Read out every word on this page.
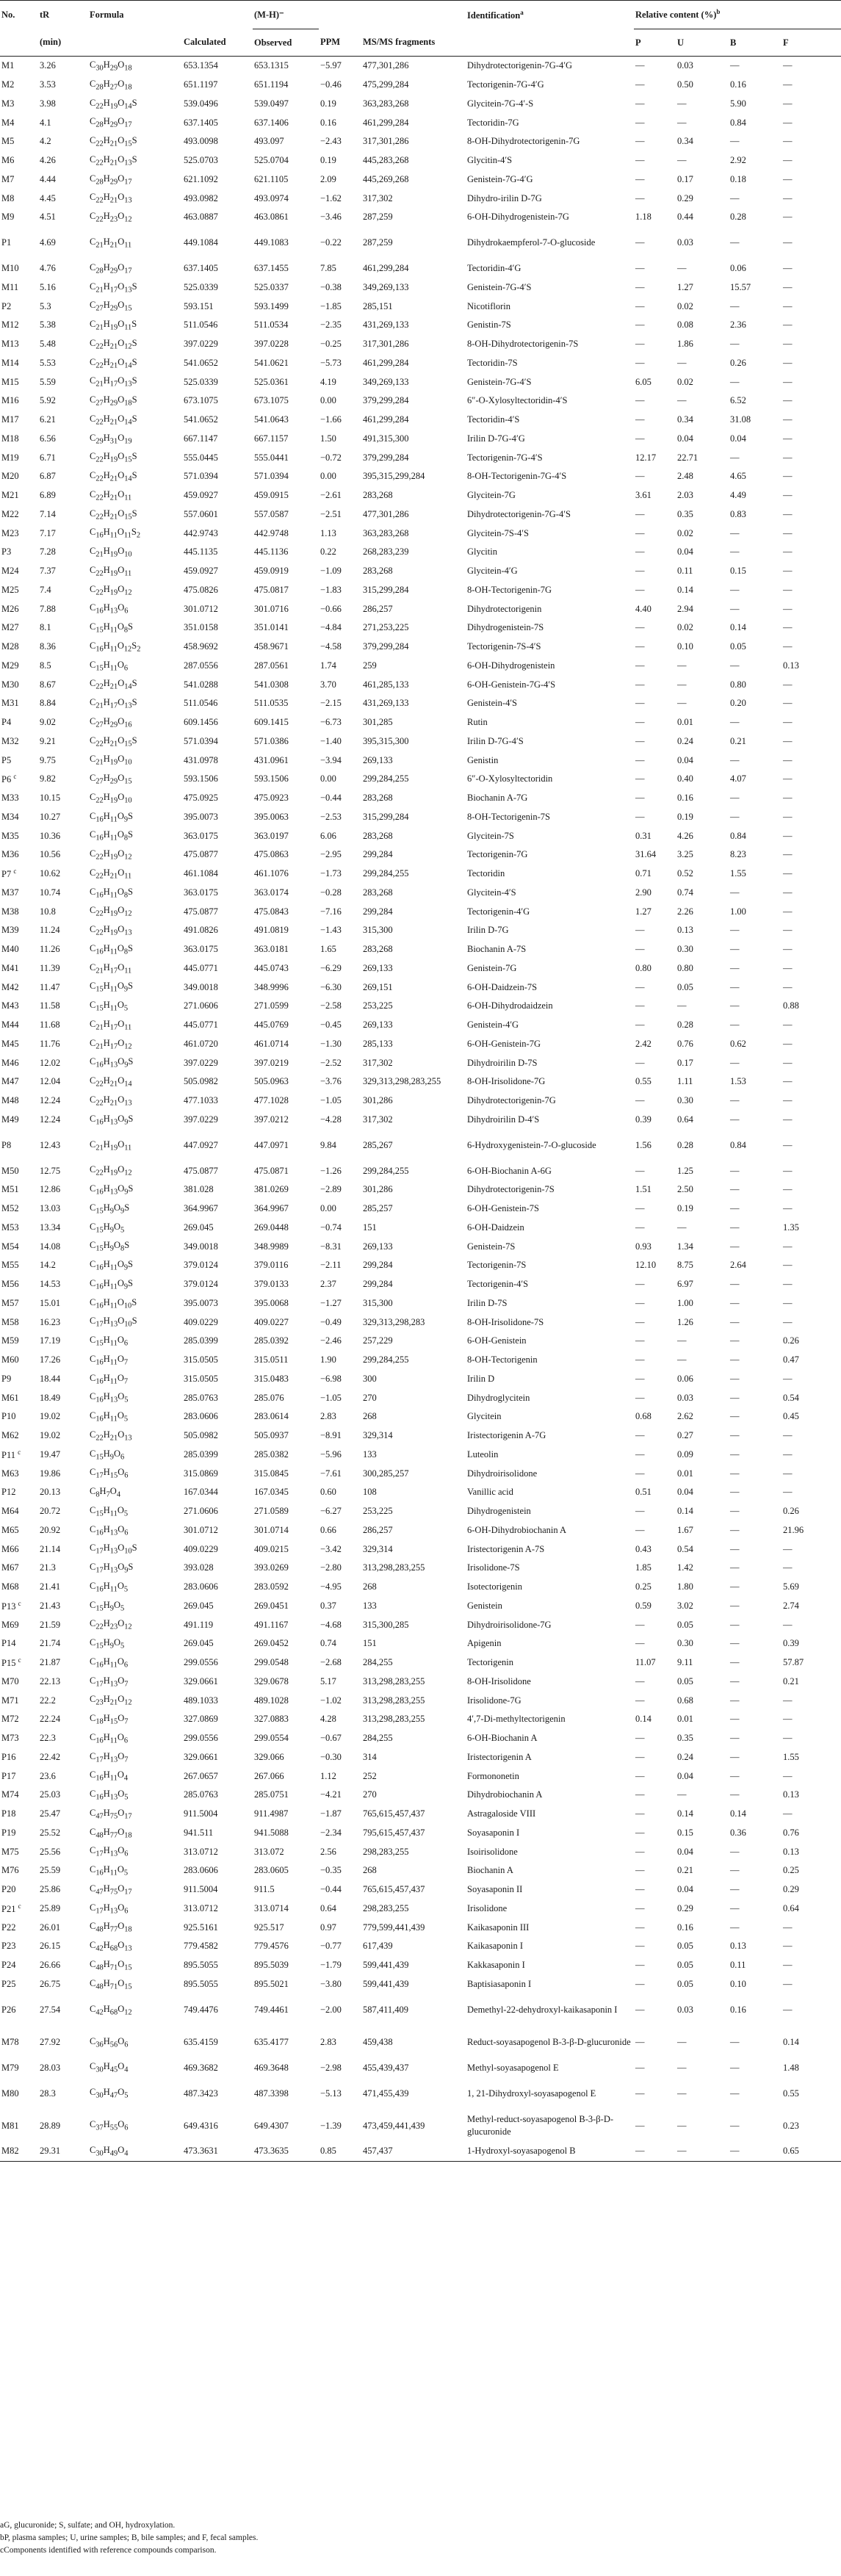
No.	tR	Formula		(M-H)⁻			Identification$^a$	Relative content (%)$^b$
	(min)		Calculated	Observed	PPM	MS/MS fragments		P	U	B	F
M1	3.26	$C_{30}H_{29}O_{18}$	653.1354	653.1315	−5.97	477,301,286	Dihydrotectorigenin-7G-4′G	—	0.03	—	—
M2	3.53	$C_{28}H_{27}O_{18}$	651.1197	651.1194	−0.46	475,299,284	Tectorigenin-7G-4′G	—	0.50	0.16	—
M3	3.98	$C_{22}H_{19}O_{14}S$	539.0496	539.0497	0.19	363,283,268	Glycitein-7G-4′-S	—	—	5.90	—
M4	4.1	$C_{28}H_{29}O_{17}$	637.1405	637.1406	0.16	461,299,284	Tectoridin-7G	—	—	0.84	—
M5	4.2	$C_{22}H_{21}O_{15}S$	493.0098	493.097	−2.43	317,301,286	8-OH-Dihydrotectorigenin-7G	—	0.34	—	—
M6	4.26	$C_{22}H_{21}O_{13}S$	525.0703	525.0704	0.19	445,283,268	Glycitin-4′S	—	—	2.92	—
M7	4.44	$C_{28}H_{29}O_{17}$	621.1092	621.1105	2.09	445,269,268	Genistein-7G-4′G	—	0.17	0.18	—
M8	4.45	$C_{22}H_{21}O_{13}$	493.0982	493.0974	−1.62	317,302	Dihydro-irilin D-7G	—	0.29	—	—
M9	4.51	$C_{22}H_{23}O_{12}$	463.0887	463.0861	−3.46	287,259	6-OH-Dihydrogenistein-7G	1.18	0.44	0.28	—
P1	4.69	$C_{21}H_{21}O_{11}$	449.1084	449.1083	−0.22	287,259	Dihydrokaempferol-7-O-glucoside	—	0.03	—	—
M10	4.76	$C_{28}H_{29}O_{17}$	637.1405	637.1455	7.85	461,299,284	Tectoridin-4′G	—	—	0.06	—
M11	5.16	$C_{21}H_{17}O_{13}S$	525.0339	525.0337	−0.38	349,269,133	Genistein-7G-4′S	—	1.27	15.57	—
P2	5.3	$C_{27}H_{29}O_{15}$	593.151	593.1499	−1.85	285,151	Nicotiflorin	—	0.02	—	—
M12	5.38	$C_{21}H_{19}O_{11}S$	511.0546	511.0534	−2.35	431,269,133	Genistin-7S	—	0.08	2.36	—
M13	5.48	$C_{22}H_{21}O_{12}S$	397.0229	397.0228	−0.25	317,301,286	8-OH-Dihydrotectorigenin-7S	—	1.86	—	—
M14	5.53	$C_{22}H_{21}O_{14}S$	541.0652	541.0621	−5.73	461,299,284	Tectoridin-7S	—	—	0.26	—
M15	5.59	$C_{21}H_{17}O_{13}S$	525.0339	525.0361	4.19	349,269,133	Genistein-7G-4′S	6.05	0.02	—	—
M16	5.92	$C_{27}H_{29}O_{18}S$	673.1075	673.1075	0.00	379,299,284	6″-O-Xylosyltectoridin-4′S	—	—	6.52	—
M17	6.21	$C_{22}H_{21}O_{14}S$	541.0652	541.0643	−1.66	461,299,284	Tectoridin-4′S	—	0.34	31.08	—
M18	6.56	$C_{29}H_{31}O_{19}$	667.1147	667.1157	1.50	491,315,300	Irilin D-7G-4′G	—	0.04	0.04	—
M19	6.71	$C_{22}H_{19}O_{15}S$	555.0445	555.0441	−0.72	379,299,284	Tectorigenin-7G-4′S	12.17	22.71	—	—
M20	6.87	$C_{22}H_{21}O_{14}S$	571.0394	571.0394	0.00	395,315,299,284	8-OH-Tectorigenin-7G-4′S	—	2.48	4.65	—
M21	6.89	$C_{22}H_{21}O_{11}$	459.0927	459.0915	−2.61	283,268	Glycitein-7G	3.61	2.03	4.49	—
M22	7.14	$C_{22}H_{21}O_{15}S$	557.0601	557.0587	−2.51	477,301,286	Dihydrotectorigenin-7G-4′S	—	0.35	0.83	—
M23	7.17	$C_{16}H_{11}O_{11}S_2$	442.9743	442.9748	1.13	363,283,268	Glycitein-7S-4′S	—	0.02	—	—
P3	7.28	$C_{21}H_{19}O_{10}$	445.1135	445.1136	0.22	268,283,239	Glycitin	—	0.04	—	—
M24	7.37	$C_{22}H_{19}O_{11}$	459.0927	459.0919	−1.09	283,268	Glycitein-4′G	—	0.11	0.15	—
M25	7.4	$C_{22}H_{19}O_{12}$	475.0826	475.0817	−1.83	315,299,284	8-OH-Tectorigenin-7G	—	0.14	—	—
M26	7.88	$C_{16}H_{13}O_6$	301.0712	301.0716	−0.66	286,257	Dihydrotectorigenin	4.40	2.94	—	—
M27	8.1	$C_{15}H_{11}O_8S$	351.0158	351.0141	−4.84	271,253,225	Dihydrogenistein-7S	—	0.02	0.14	—
M28	8.36	$C_{16}H_{11}O_{12}S_2$	458.9692	458.9671	−4.58	379,299,284	Tectorigenin-7S-4′S	—	0.10	0.05	—
M29	8.5	$C_{15}H_{11}O_6$	287.0556	287.0561	1.74	259	6-OH-Dihydrogenistein	—	—	—	0.13
M30	8.67	$C_{22}H_{21}O_{14}S$	541.0288	541.0308	3.70	461,285,133	6-OH-Genistein-7G-4′S	—	—	0.80	—
M31	8.84	$C_{21}H_{17}O_{13}S$	511.0546	511.0535	−2.15	431,269,133	Genistein-4′S	—	—	0.20	—
P4	9.02	$C_{27}H_{29}O_{16}$	609.1456	609.1415	−6.73	301,285	Rutin	—	0.01	—	—
M32	9.21	$C_{22}H_{21}O_{15}S$	571.0394	571.0386	−1.40	395,315,300	Irilin D-7G-4′S	—	0.24	0.21	—
P5	9.75	$C_{21}H_{19}O_{10}$	431.0978	431.0961	−3.94	269,133	Genistin	—	0.04	—	—
P6 $^c$	9.82	$C_{27}H_{29}O_{15}$	593.1506	593.1506	0.00	299,284,255	6″-O-Xylosyltectoridin	—	0.40	4.07	—
M33	10.15	$C_{22}H_{19}O_{10}$	475.0925	475.0923	−0.44	283,268	Biochanin A-7G	—	0.16	—	—
M34	10.27	$C_{16}H_{11}O_9S$	395.0073	395.0063	−2.53	315,299,284	8-OH-Tectorigenin-7S	—	0.19	—	—
M35	10.36	$C_{16}H_{11}O_8S$	363.0175	363.0197	6.06	283,268	Glycitein-7S	0.31	4.26	0.84	—
M36	10.56	$C_{22}H_{19}O_{12}$	475.0877	475.0863	−2.95	299,284	Tectorigenin-7G	31.64	3.25	8.23	—
P7 $^c$	10.62	$C_{22}H_{21}O_{11}$	461.1084	461.1076	−1.73	299,284,255	Tectoridin	0.71	0.52	1.55	—
M37	10.74	$C_{16}H_{11}O_8S$	363.0175	363.0174	−0.28	283,268	Glycitein-4′S	2.90	0.74	—	—
M38	10.8	$C_{22}H_{19}O_{12}$	475.0877	475.0843	−7.16	299,284	Tectorigenin-4′G	1.27	2.26	1.00	—
M39	11.24	$C_{22}H_{19}O_{13}$	491.0826	491.0819	−1.43	315,300	Irilin D-7G	—	0.13	—	—
M40	11.26	$C_{16}H_{11}O_8S$	363.0175	363.0181	1.65	283,268	Biochanin A-7S	—	0.30	—	—
M41	11.39	$C_{21}H_{17}O_{11}$	445.0771	445.0743	−6.29	269,133	Genistein-7G	0.80	0.80	—	—
M42	11.47	$C_{15}H_{11}O_9S$	349.0018	348.9996	−6.30	269,151	6-OH-Daidzein-7S	—	0.05	—	—
M43	11.58	$C_{15}H_{11}O_5$	271.0606	271.0599	−2.58	253,225	6-OH-Dihydrodaidzein	—	—	—	0.88
M44	11.68	$C_{21}H_{17}O_{11}$	445.0771	445.0769	−0.45	269,133	Genistein-4′G	—	0.28	—	—
M45	11.76	$C_{21}H_{17}O_{12}$	461.0720	461.0714	−1.30	285,133	6-OH-Genistein-7G	2.42	0.76	0.62	—
M46	12.02	$C_{16}H_{13}O_9S$	397.0229	397.0219	−2.52	317,302	Dihydroirilin D-7S	—	0.17	—	—
M47	12.04	$C_{22}H_{21}O_{14}$	505.0982	505.0963	−3.76	329,313,298,283,255	8-OH-Irisolidone-7G	0.55	1.11	1.53	—
M48	12.24	$C_{22}H_{21}O_{13}$	477.1033	477.1028	−1.05	301,286	Dihydrotectorigenin-7G	—	0.30	—	—
M49	12.24	$C_{16}H_{13}O_9S$	397.0229	397.0212	−4.28	317,302	Dihydroirilin D-4′S	0.39	0.64	—	—
P8	12.43	$C_{21}H_{19}O_{11}$	447.0927	447.0971	9.84	285,267	6-Hydroxygenistein-7-O-glucoside	1.56	0.28	0.84	—
M50	12.75	$C_{22}H_{19}O_{12}$	475.0877	475.0871	−1.26	299,284,255	6-OH-Biochanin A-6G	—	1.25	—	—
M51	12.86	$C_{16}H_{13}O_9S$	381.028	381.0269	−2.89	301,286	Dihydrotectorigenin-7S	1.51	2.50	—	—
M52	13.03	$C_{15}H_9O_9S$	364.9967	364.9967	0.00	285,257	6-OH-Genistein-7S	—	0.19	—	—
M53	13.34	$C_{15}H_9O_5$	269.045	269.0448	−0.74	151	6-OH-Daidzein	—	—	—	1.35
M54	14.08	$C_{15}H_9O_8S$	349.0018	348.9989	−8.31	269,133	Genistein-7S	0.93	1.34	—	—
M55	14.2	$C_{16}H_{11}O_9S$	379.0124	379.0116	−2.11	299,284	Tectorigenin-7S	12.10	8.75	2.64	—
M56	14.53	$C_{16}H_{11}O_9S$	379.0124	379.0133	2.37	299,284	Tectorigenin-4′S	—	6.97	—	—
M57	15.01	$C_{16}H_{11}O_{10}S$	395.0073	395.0068	−1.27	315,300	Irilin D-7S	—	1.00	—	—
M58	16.23	$C_{17}H_{13}O_{10}S$	409.0229	409.0227	−0.49	329,313,298,283	8-OH-Irisolidone-7S	—	1.26	—	—
M59	17.19	$C_{15}H_{11}O_6$	285.0399	285.0392	−2.46	257,229	6-OH-Genistein	—	—	—	0.26
M60	17.26	$C_{16}H_{11}O_7$	315.0505	315.0511	1.90	299,284,255	8-OH-Tectorigenin	—	—	—	0.47
P9	18.44	$C_{16}H_{11}O_7$	315.0505	315.0483	−6.98	300	Irilin D	—	0.06	—	—
M61	18.49	$C_{16}H_{13}O_5$	285.0763	285.076	−1.05	270	Dihydroglycitein	—	0.03	—	0.54
P10	19.02	$C_{16}H_{11}O_5$	283.0606	283.0614	2.83	268	Glycitein	0.68	2.62	—	0.45
M62	19.02	$C_{22}H_{21}O_{13}$	505.0982	505.0937	−8.91	329,314	Iristectorigenin A-7G	—	0.27	—	—
P11 $^c$	19.47	$C_{15}H_9O_6$	285.0399	285.0382	−5.96	133	Luteolin	—	0.09	—	—
M63	19.86	$C_{17}H_{15}O_6$	315.0869	315.0845	−7.61	300,285,257	Dihydroirisolidone	—	0.01	—	—
P12	20.13	$C_8H_7O_4$	167.0344	167.0345	0.60	108	Vanillic acid	0.51	0.04	—	—
M64	20.72	$C_{15}H_{11}O_5$	271.0606	271.0589	−6.27	253,225	Dihydrogenistein	—	0.14	—	0.26
M65	20.92	$C_{16}H_{13}O_6$	301.0712	301.0714	0.66	286,257	6-OH-Dihydrobiochanin A	—	1.67	—	21.96
M66	21.14	$C_{17}H_{13}O_{10}S$	409.0229	409.0215	−3.42	329,314	Iristectorigenin A-7S	0.43	0.54	—	—
M67	21.3	$C_{17}H_{13}O_9S$	393.028	393.0269	−2.80	313,298,283,255	Irisolidone-7S	1.85	1.42	—	—
M68	21.41	$C_{16}H_{11}O_5$	283.0606	283.0592	−4.95	268	Isotectorigenin	0.25	1.80	—	5.69
P13 $^c$	21.43	$C_{15}H_9O_5$	269.045	269.0451	0.37	133	Genistein	0.59	3.02	—	2.74
M69	21.59	$C_{22}H_{23}O_{12}$	491.119	491.1167	−4.68	315,300,285	Dihydroirisolidone-7G	—	0.05	—	—
P14	21.74	$C_{15}H_9O_5$	269.045	269.0452	0.74	151	Apigenin	—	0.30	—	0.39
P15 $^c$	21.87	$C_{16}H_{11}O_6$	299.0556	299.0548	−2.68	284,255	Tectorigenin	11.07	9.11	—	57.87
M70	22.13	$C_{17}H_{13}O_7$	329.0661	329.0678	5.17	313,298,283,255	8-OH-Irisolidone	—	0.05	—	0.21
M71	22.2	$C_{23}H_{21}O_{12}$	489.1033	489.1028	−1.02	313,298,283,255	Irisolidone-7G	—	0.68	—	—
M72	22.24	$C_{18}H_{15}O_7$	327.0869	327.0883	4.28	313,298,283,255	4′,7-Di-methyltectorigenin	0.14	0.01	—	—
M73	22.3	$C_{16}H_{11}O_6$	299.0556	299.0554	−0.67	284,255	6-OH-Biochanin A	—	0.35	—	—
P16	22.42	$C_{17}H_{13}O_7$	329.0661	329.066	−0.30	314	Iristectorigenin A	—	0.24	—	1.55
P17	23.6	$C_{16}H_{11}O_4$	267.0657	267.066	1.12	252	Formononetin	—	0.04	—	—
M74	25.03	$C_{16}H_{13}O_5$	285.0763	285.0751	−4.21	270	Dihydrobiochanin A	—	—	—	0.13
P18	25.47	$C_{47}H_{75}O_{17}$	911.5004	911.4987	−1.87	765,615,457,437	Astragaloside VIII	—	0.14	0.14	—
P19	25.52	$C_{48}H_{77}O_{18}$	941.511	941.5088	−2.34	795,615,457,437	Soyasaponin I	—	0.15	0.36	0.76
M75	25.56	$C_{17}H_{13}O_6$	313.0712	313.072	2.56	298,283,255	Isoirisolidone	—	0.04	—	0.13
M76	25.59	$C_{16}H_{11}O_5$	283.0606	283.0605	−0.35	268	Biochanin A	—	0.21	—	0.25
P20	25.86	$C_{47}H_{75}O_{17}$	911.5004	911.5	−0.44	765,615,457,437	Soyasaponin II	—	0.04	—	0.29
P21 $^c$	25.89	$C_{17}H_{13}O_6$	313.0712	313.0714	0.64	298,283,255	Irisolidone	—	0.29	—	0.64
P22	26.01	$C_{48}H_{77}O_{18}$	925.5161	925.517	0.97	779,599,441,439	Kaikasaponin III	—	0.16	—	—
P23	26.15	$C_{42}H_{68}O_{13}$	779.4582	779.4576	−0.77	617,439	Kaikasaponin I	—	0.05	0.13	—
P24	26.66	$C_{48}H_{71}O_{15}$	895.5055	895.5039	−1.79	599,441,439	Kakkasaponin I	—	0.05	0.11	—
P25	26.75	$C_{48}H_{71}O_{15}$	895.5055	895.5021	−3.80	599,441,439	Baptisiasaponin I	—	0.05	0.10	—
P26	27.54	$C_{42}H_{68}O_{12}$	749.4476	749.4461	−2.00	587,411,409	Demethyl-22-dehydroxyl-kaikasaponin I	—	0.03	0.16	—
M78	27.92	$C_{36}H_{56}O_6$	635.4159	635.4177	2.83	459,438	Reduct-soyasapogenol B-3-β-D-glucuronide	—	—	—	0.14
M79	28.03	$C_{30}H_{45}O_4$	469.3682	469.3648	−2.98	455,439,437	Methyl-soyasapogenol E	—	—	—	1.48
M80	28.3	$C_{30}H_{47}O_5$	487.3423	487.3398	−5.13	471,455,439	1, 21-Dihydroxyl-soyasapogenol E	—	—	—	0.55
M81	28.89	$C_{37}H_{55}O_6$	649.4316	649.4307	−1.39	473,459,441,439	Methyl-reduct-soyasapogenol B-3-β-D-glucuronide	—	—	—	0.23
M82	29.31	$C_{30}H_{49}O_4$	473.3631	473.3635	0.85	457,437	1-Hydroxyl-soyasapogenol B	—	—	—	0.65

aG, glucuronide; S, sulfate; and OH, hydroxylation.

bP, plasma samples; U, urine samples; B, bile samples; and F, fecal samples.

cComponents identified with reference compounds comparison.
